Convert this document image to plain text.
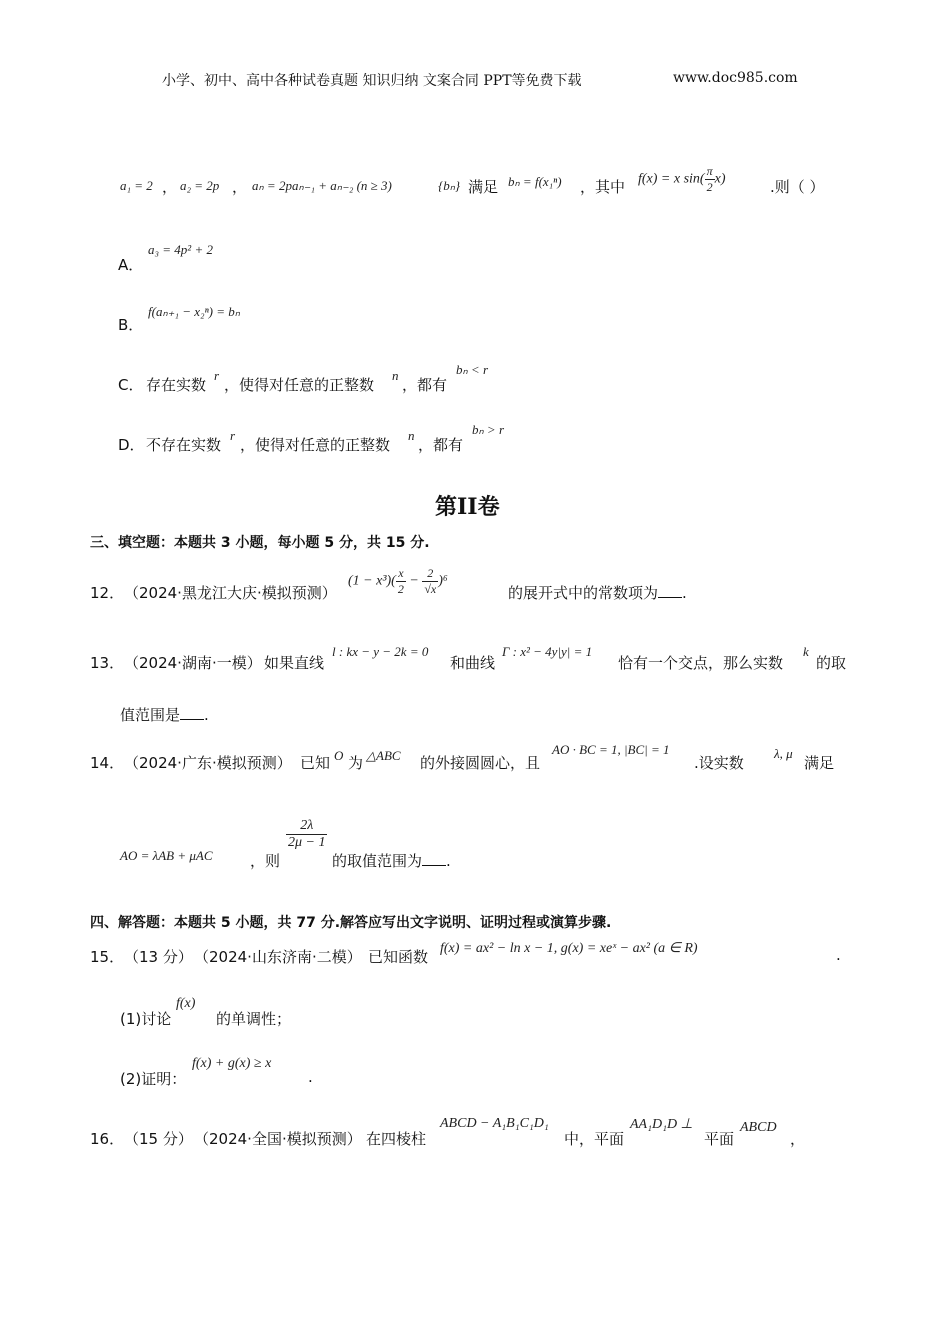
小学、初中、高中各种试卷真题 知识归纳 文案合同 PPT等免费下载	www.doc985.com
a₁ = 2 ， a₂ = 2p ， aₙ = 2paₙ₋₁ + aₙ₋₂ (n ≥ 3)	{bₙ} 满足 bₙ = f(x₁ⁿ) ，其中 f(x) = x $\sin( \frac{\pi}{2} x)$	.则（ ）
A．
a₃ = 4p² + 2
B．
f(aₙ₊₁ − x₂ⁿ) = bₙ
C． 存在实数
r
，使得对任意的正整数
n
，都有
bₙ < r
D． 不存在实数
r
，使得对任意的正整数
n
，都有
bₙ > r
第II卷
三、填空题：本题共 3 小题，每小题 5 分，共 15 分.
12． （2024·黑龙江大庆·模拟预测）
$(1 - x^3)( \frac{x}{2} - \frac{2}{√x} )^6$
的展开式中的常数项为 .
13． （2024·湖南·一模） 如果直线
l : kx − y − 2k = 0
和曲线
Γ : x² − 4y|y| = 1
恰有一个交点，那么实数
k
的取
值范围是 .
14． （2024·广东·模拟预测） 已知 O 为 △ABC 的外接圆圆心，且
AO · BC = 1, |BC| = 1
.设实数
λ, μ
满足
AO = λAB + μAC ，则
$\frac{2\lambda}{2\mu - 1}$
的取值范围为 .
四、解答题：本题共 5 小题，共 77 分.解答应写出文字说明、证明过程或演算步骤.
15． （13 分） （2024·山东济南·二模） 已知函数 f(x) = ax² − ln x − 1, g(x) = xeˣ − ax² (a ∈ R)	.
(1)讨论
f(x)
的单调性；
(2)证明：
f(x) + g(x) ≥ x
.
16． （15 分） （2024·全国·模拟预测） 在四棱柱
ABCD − A₁B₁C₁D₁
中，平面
AA₁D₁D ⊥
平面
ABCD
，
